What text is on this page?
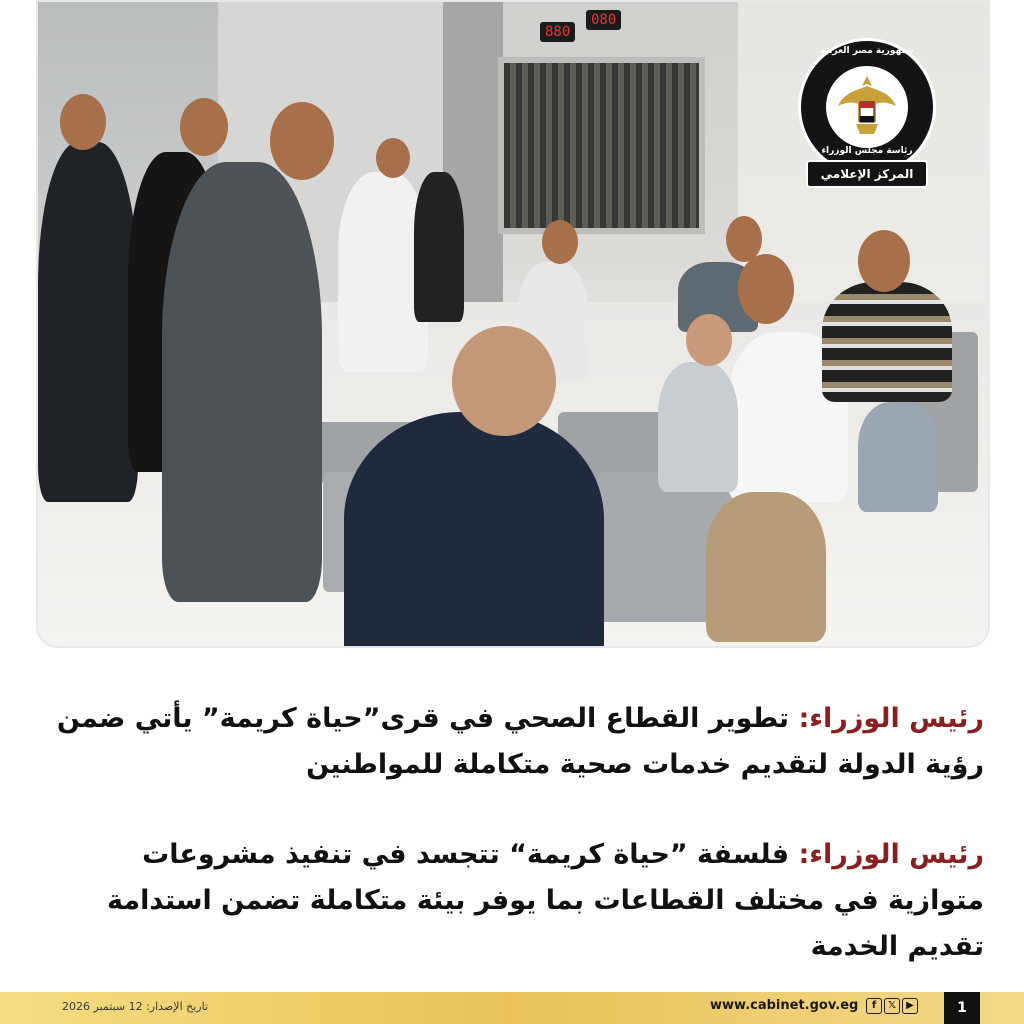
880
080
جمهورية مصر العربية
رئاسة مجلس الوزراء
المركز الإعلامي
رئيس الوزراء: تطوير القطاع الصحي في قرى”حياة كريمة” يأتي ضمن رؤية الدولة لتقديم خدمات صحية متكاملة للمواطنين
رئيس الوزراء: فلسفة ”حياة كريمة“ تتجسد في تنفيذ مشروعات متوازية في مختلف القطاعات بما يوفر بيئة متكاملة تضمن استدامة تقديم الخدمة
تاريخ الإصدار: 12 سبتمبر 2026	www.cabinet.gov.eg	f	𝕏	▶	1
